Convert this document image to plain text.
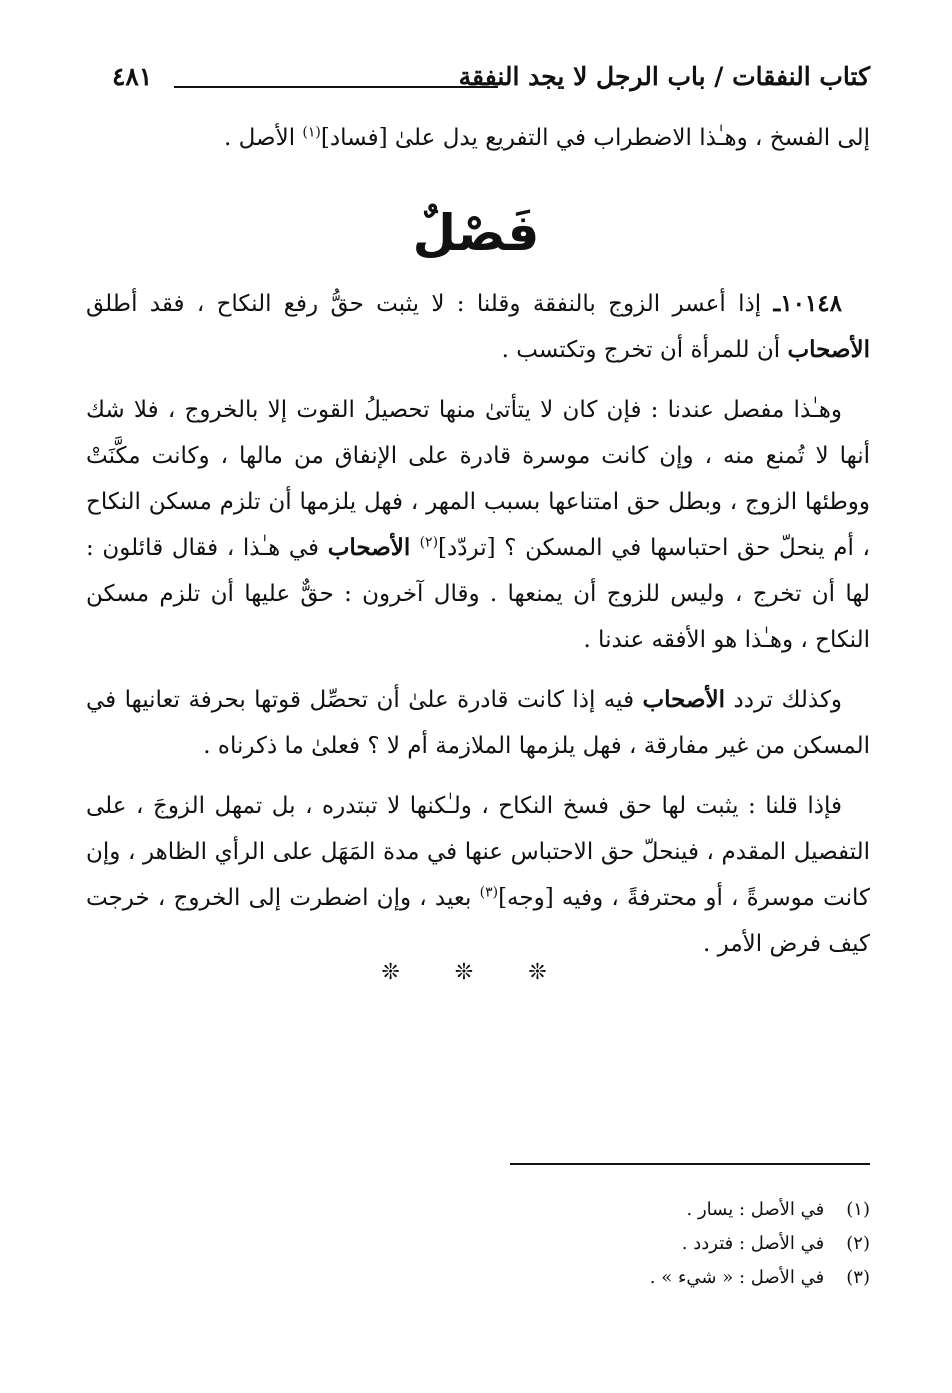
كتاب النفقات / باب الرجل لا يجد النفقة
٤٨١

إلى الفسخ ، وهـٰذا الاضطراب في التفريع يدل علىٰ [فساد]$^{(١)}$ الأصل .

فَصْلٌ

١٠١٤٨ـ إذا أعسر الزوج بالنفقة وقلنا : لا يثبت حقُّ رفع النكاح ، فقد أطلق الأصحاب أن للمرأة أن تخرج وتكتسب .

وهـٰذا مفصل عندنا : فإن كان لا يتأتىٰ منها تحصيلُ القوت إلا بالخروج ، فلا شك أنها لا تُمنع منه ، وإن كانت موسرة قادرة على الإنفاق من مالها ، وكانت مكَّنَتْ ووطئها الزوج ، وبطل حق امتناعها بسبب المهر ، فهل يلزمها أن تلزم مسكن النكاح ، أم ينحلّ حق احتباسها في المسكن ؟ [تردّد]$^{(٢)}$ الأصحاب في هـٰذا ، فقال قائلون : لها أن تخرج ، وليس للزوج أن يمنعها . وقال آخرون : حقٌّ عليها أن تلزم مسكن النكاح ، وهـٰذا هو الأفقه عندنا .

وكذلك تردد الأصحاب فيه إذا كانت قادرة علىٰ أن تحصِّل قوتها بحرفة تعانيها في المسكن من غير مفارقة ، فهل يلزمها الملازمة أم لا ؟ فعلىٰ ما ذكرناه .

فإذا قلنا : يثبت لها حق فسخ النكاح ، ولـٰكنها لا تبتدره ، بل تمهل الزوجَ ، على التفصيل المقدم ، فينحلّ حق الاحتباس عنها في مدة المَهَل على الرأي الظاهر ، وإن كانت موسرةً ، أو محترفةً ، وفيه [وجه]$^{(٣)}$ بعيد ، وإن اضطرت إلى الخروج ، خرجت كيف فرض الأمر .

❊ ❊ ❊

(١) في الأصل : يسار .

(٢) في الأصل : فتردد .

(٣) في الأصل : « شيء » .
